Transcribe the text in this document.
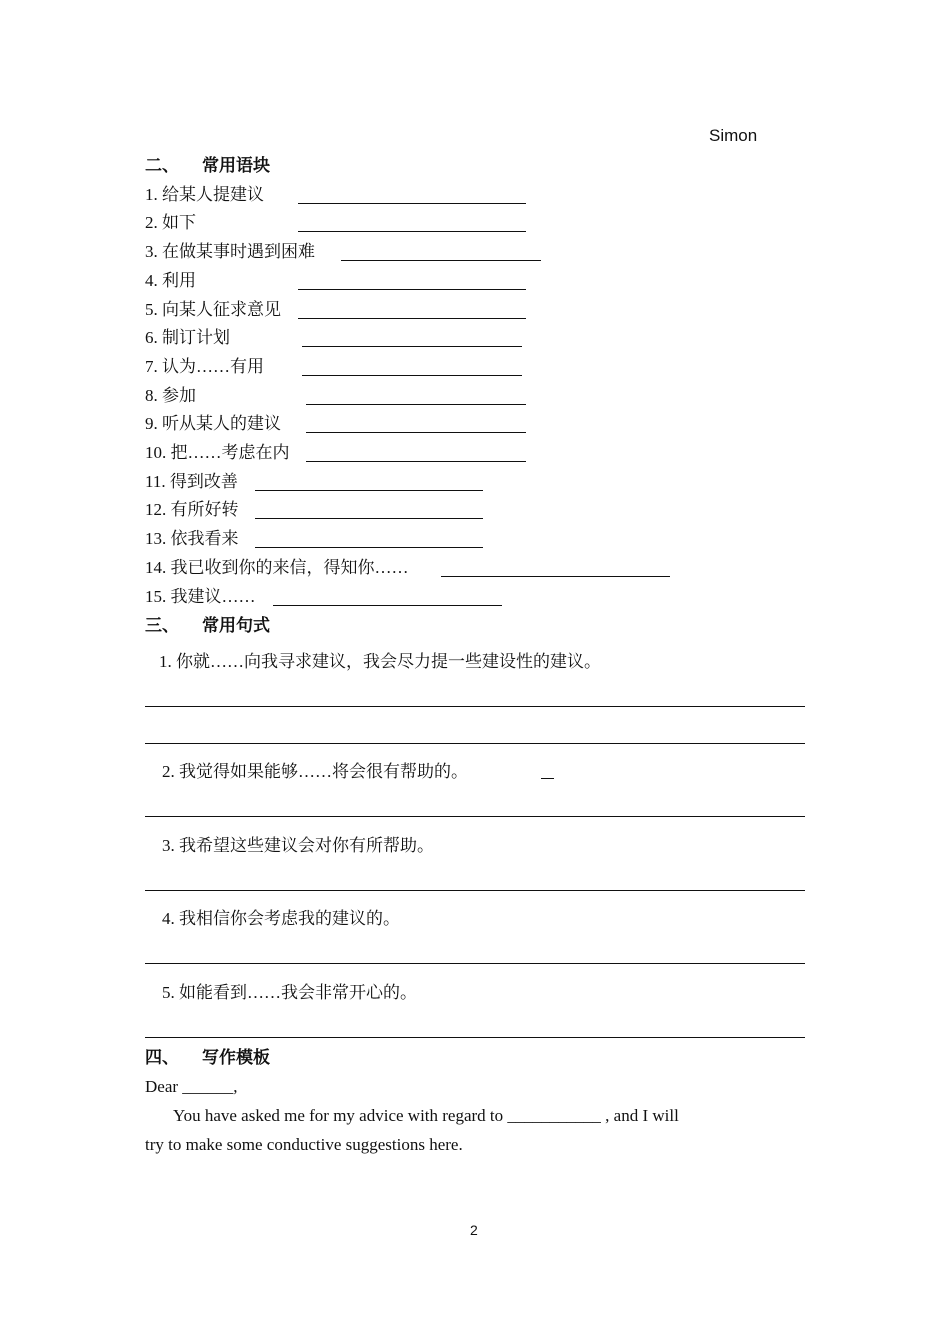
Simon
二、 常用语块
1. 给某人提建议
2. 如下
3. 在做某事时遇到困难
4. 利用
5. 向某人征求意见
6. 制订计划
7. 认为……有用
8. 参加
9. 听从某人的建议
10. 把……考虑在内
11. 得到改善
12. 有所好转
13. 依我看来
14. 我已收到你的来信，得知你……
15. 我建议……
三、 常用句式
1. 你就……向我寻求建议，我会尽力提一些建设性的建议。
2. 我觉得如果能够……将会很有帮助的。
3. 我希望这些建议会对你有所帮助。
4. 我相信你会考虑我的建议的。
5. 如能看到……我会非常开心的。
四、 写作模板
Dear ______,
You have asked me for my advice with regard to ___________ , and I will
try to make some conductive suggestions here.
2
